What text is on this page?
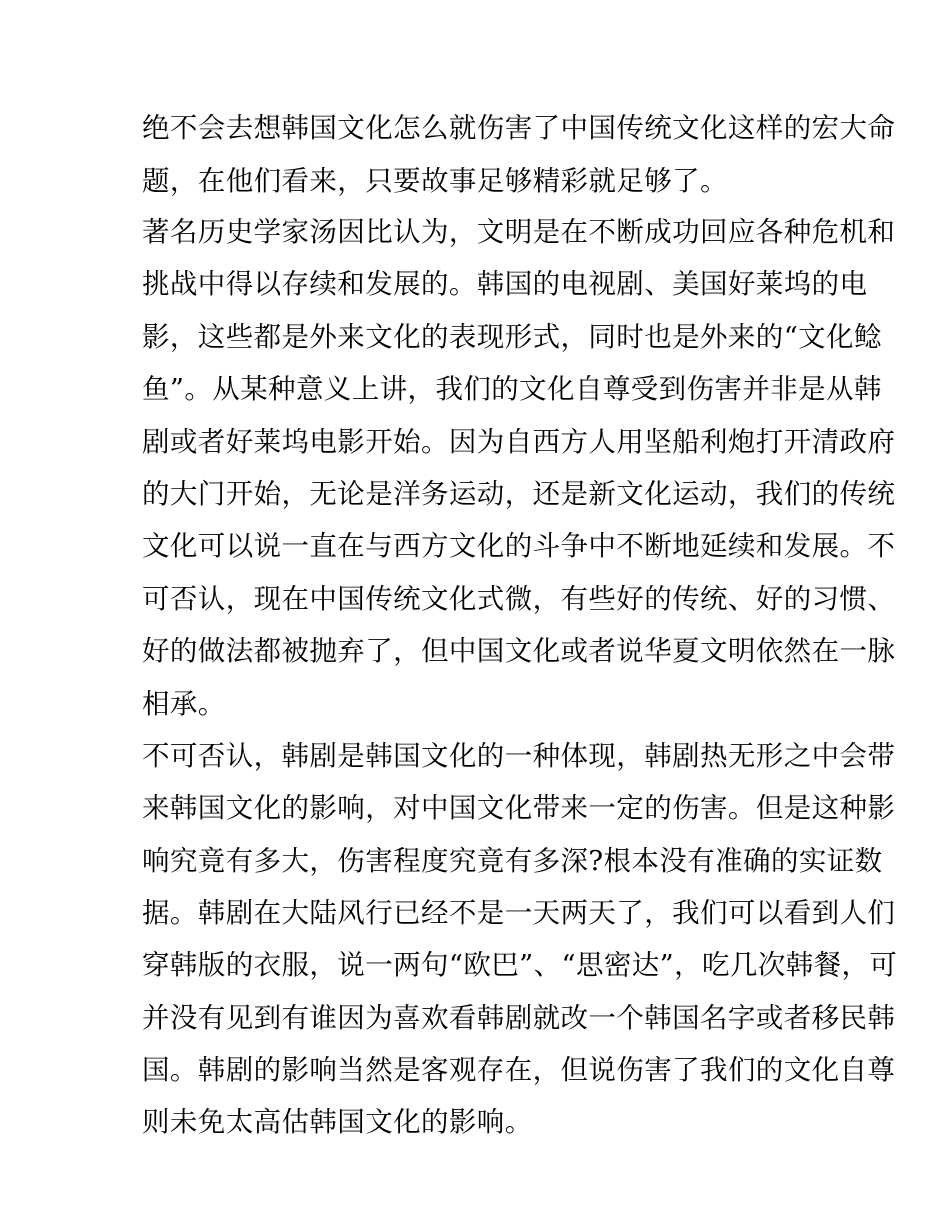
绝不会去想韩国文化怎么就伤害了中国传统文化这样的宏大命
题，在他们看来，只要故事足够精彩就足够了。
著名历史学家汤因比认为，文明是在不断成功回应各种危机和
挑战中得以存续和发展的。韩国的电视剧、美国好莱坞的电
影，这些都是外来文化的表现形式，同时也是外来的“文化鲶
鱼”。从某种意义上讲，我们的文化自尊受到伤害并非是从韩
剧或者好莱坞电影开始。因为自西方人用坚船利炮打开清政府
的大门开始，无论是洋务运动，还是新文化运动，我们的传统
文化可以说一直在与西方文化的斗争中不断地延续和发展。不
可否认，现在中国传统文化式微，有些好的传统、好的习惯、
好的做法都被抛弃了，但中国文化或者说华夏文明依然在一脉
相承。
不可否认，韩剧是韩国文化的一种体现，韩剧热无形之中会带
来韩国文化的影响，对中国文化带来一定的伤害。但是这种影
响究竟有多大，伤害程度究竟有多深?根本没有准确的实证数
据。韩剧在大陆风行已经不是一天两天了，我们可以看到人们
穿韩版的衣服，说一两句“欧巴”、“思密达”，吃几次韩餐，可
并没有见到有谁因为喜欢看韩剧就改一个韩国名字或者移民韩
国。韩剧的影响当然是客观存在，但说伤害了我们的文化自尊
则未免太高估韩国文化的影响。
